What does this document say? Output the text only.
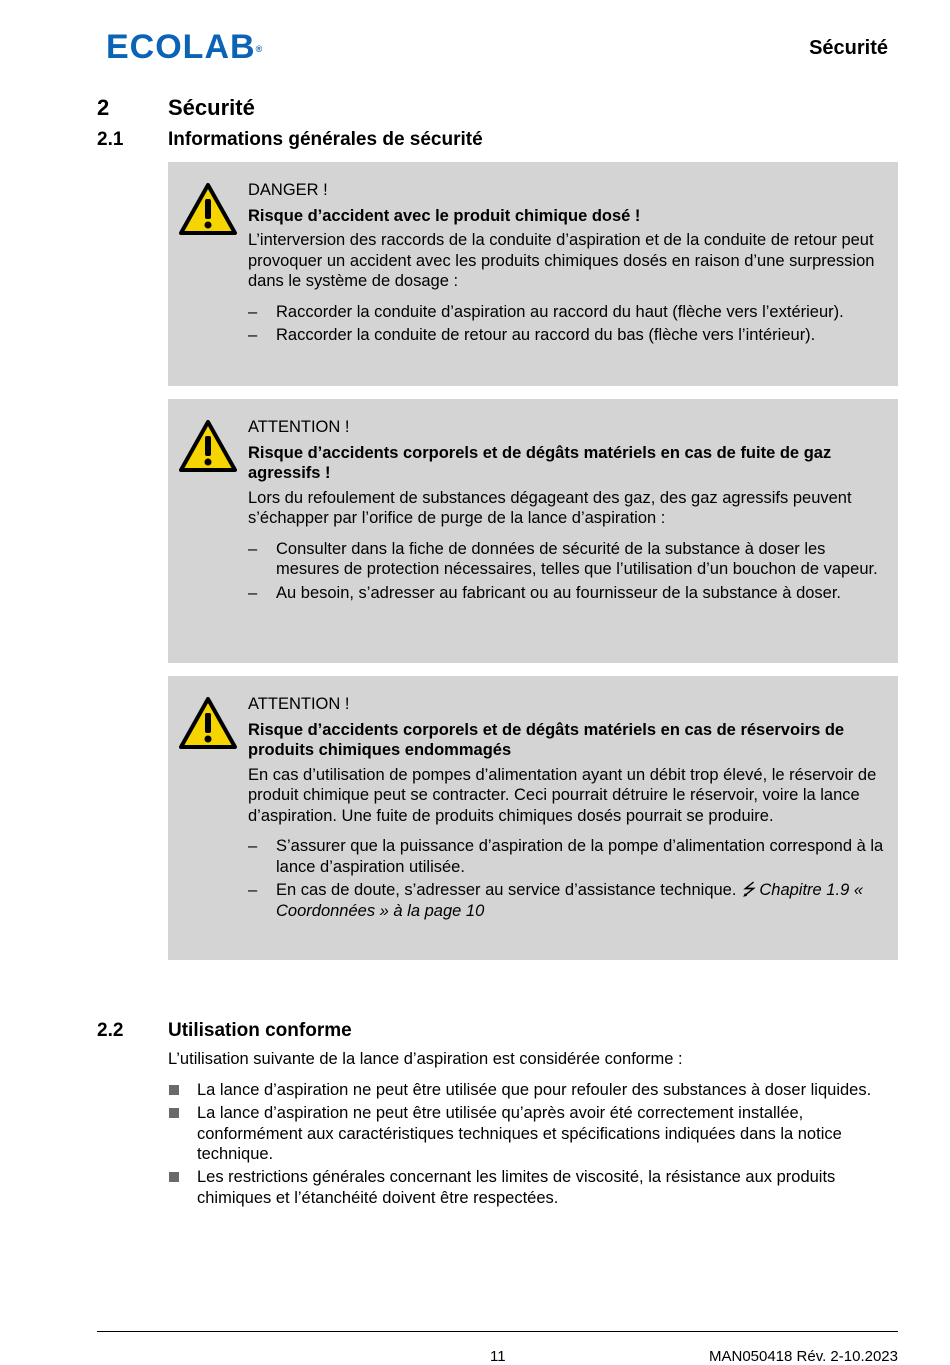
ECOLAB®	Sécurité
2	Sécurité
2.1 Informations générales de sécurité
DANGER !
Risque d’accident avec le produit chimique dosé !
L’interversion des raccords de la conduite d’aspiration et de la conduite de retour peut provoquer un accident avec les produits chimiques dosés en raison d’une surpression dans le système de dosage :
– Raccorder la conduite d’aspiration au raccord du haut (flèche vers l’extérieur).
– Raccorder la conduite de retour au raccord du bas (flèche vers l’intérieur).
ATTENTION !
Risque d’accidents corporels et de dégâts matériels en cas de fuite de gaz agressifs !
Lors du refoulement de substances dégageant des gaz, des gaz agressifs peuvent s’échapper par l’orifice de purge de la lance d’aspiration :
– Consulter dans la fiche de données de sécurité de la substance à doser les mesures de protection nécessaires, telles que l’utilisation d’un bouchon de vapeur.
– Au besoin, s’adresser au fabricant ou au fournisseur de la substance à doser.
ATTENTION !
Risque d’accidents corporels et de dégâts matériels en cas de réservoirs de produits chimiques endommagés
En cas d’utilisation de pompes d’alimentation ayant un débit trop élevé, le réservoir de produit chimique peut se contracter. Ceci pourrait détruire le réservoir, voire la lance d’aspiration. Une fuite de produits chimiques dosés pourrait se produire.
– S’assurer que la puissance d’aspiration de la pompe d’alimentation correspond à la lance d’aspiration utilisée.
– En cas de doute, s’adresser au service d’assistance technique. ⭍ Chapitre 1.9 « Coordonnées » à la page 10
2.2 Utilisation conforme
L’utilisation suivante de la lance d’aspiration est considérée conforme :
La lance d’aspiration ne peut être utilisée que pour refouler des substances à doser liquides.
La lance d’aspiration ne peut être utilisée qu’après avoir été correctement installée, conformément aux caractéristiques techniques et spécifications indiquées dans la notice technique.
Les restrictions générales concernant les limites de viscosité, la résistance aux produits chimiques et l’étanchéité doivent être respectées.
11	MAN050418 Rév. 2-10.2023
